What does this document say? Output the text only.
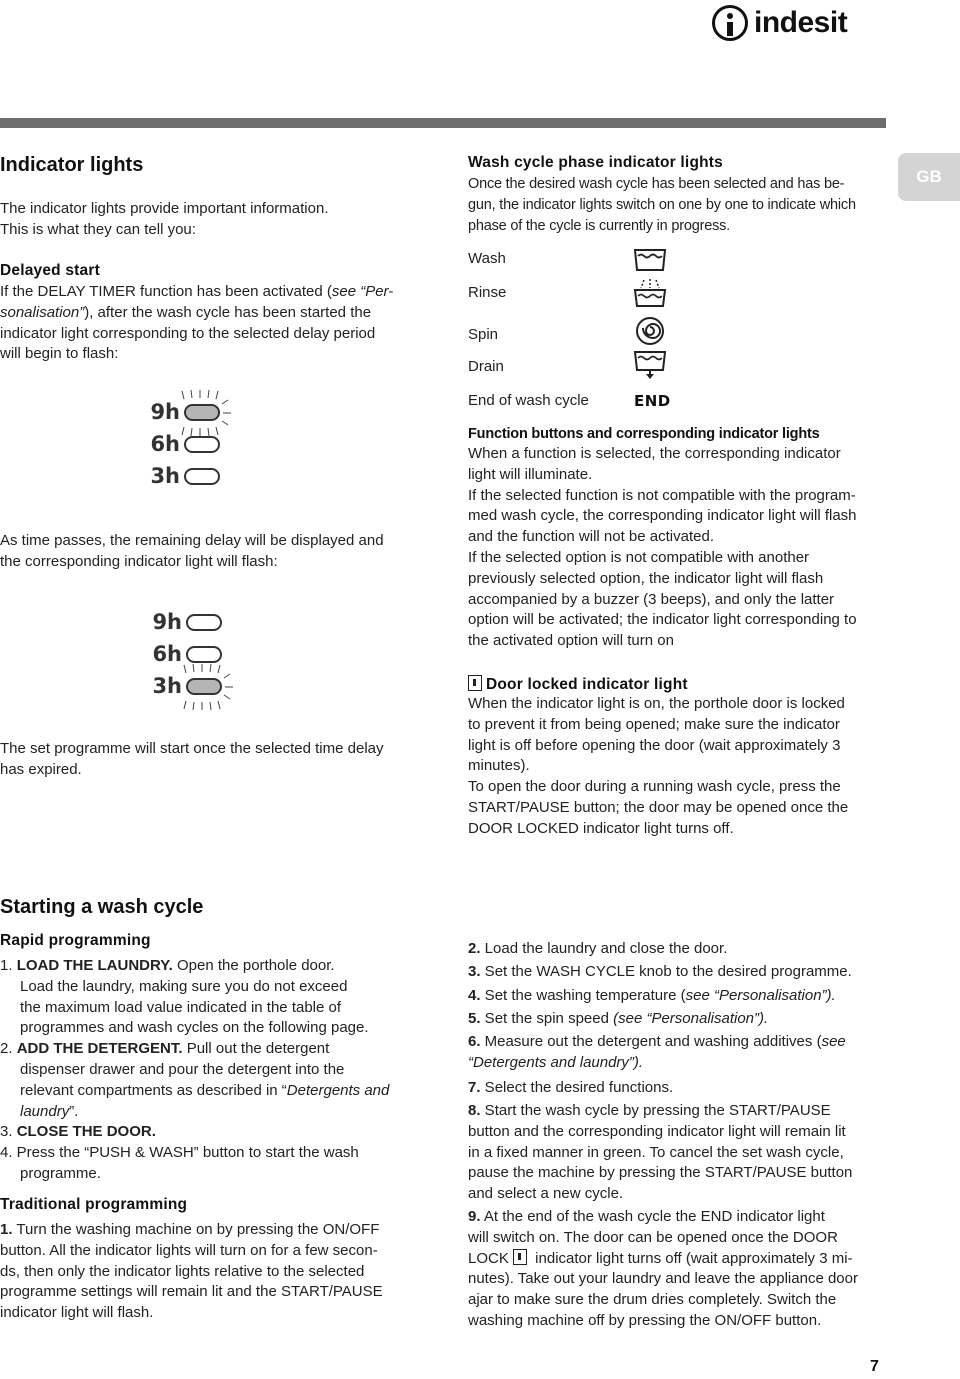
indesit
GB
Indicator lights
The indicator lights provide important information.
This is what they can tell you:
Delayed start
If the DELAY TIMER function has been activated (see “Per-
sonalisation”), after the wash cycle has been started the
indicator light corresponding to the selected delay period
will begin to flash:
9h
6h
3h
As time passes, the remaining delay will be displayed and
the corresponding indicator light will flash:
9h
6h
3h
The set programme will start once the selected time delay
has expired.
Wash cycle phase indicator lights
Once the desired wash cycle has been selected and has be-
gun, the indicator lights switch on one by one to indicate which
phase of the cycle is currently in progress.
Wash
Rinse
Spin
Drain
End of wash cycle	END
Function buttons and corresponding indicator lights
When a function is selected, the corresponding indicator
light will illuminate.
If the selected function is not compatible with the program-
med wash cycle, the corresponding indicator light will flash
and the function will not be activated.
If the selected option is not compatible with another
previously selected option, the indicator light will flash
accompanied by a buzzer (3 beeps), and only the latter
option will be activated; the indicator light corresponding to
the activated option will turn on
Door locked indicator light
When the indicator light is on, the porthole door is locked
to prevent it from being opened; make sure the indicator
light is off before opening the door (wait approximately 3
minutes).
To open the door during a running wash cycle, press the
START/PAUSE button; the door may be opened once the
DOOR LOCKED indicator light turns off.
Starting a wash cycle
Rapid programming
1. LOAD THE LAUNDRY. Open the porthole door.
Load the laundry, making sure you do not exceed
the maximum load value indicated in the table of
programmes and wash cycles on the following page.
2. ADD THE DETERGENT. Pull out the detergent
dispenser drawer and pour the detergent into the
relevant compartments as described in “Detergents and
laundry”.
3. CLOSE THE DOOR.
4. Press the “PUSH & WASH” button to start the wash
programme.
Traditional programming
1. Turn the washing machine on by pressing the ON/OFF
button. All the indicator lights will turn on for a few secon-
ds, then only the indicator lights relative to the selected
programme settings will remain lit and the START/PAUSE
indicator light will flash.
2. Load the laundry and close the door.
3. Set the WASH CYCLE knob to the desired programme.
4. Set the washing temperature (see “Personalisation”).
5. Set the spin speed (see “Personalisation”).
6. Measure out the detergent and washing additives (see
“Detergents and laundry”).
7. Select the desired functions.
8. Start the wash cycle by pressing the START/PAUSE
button and the corresponding indicator light will remain lit
in a fixed manner in green. To cancel the set wash cycle,
pause the machine by pressing the START/PAUSE button
and select a new cycle.
9. At the end of the wash cycle the END indicator light
will switch on. The door can be opened once the DOOR
LOCK  indicator light turns off (wait approximately 3 mi-
nutes). Take out your laundry and leave the appliance door
ajar to make sure the drum dries completely. Switch the
washing machine off by pressing the ON/OFF button.
7
